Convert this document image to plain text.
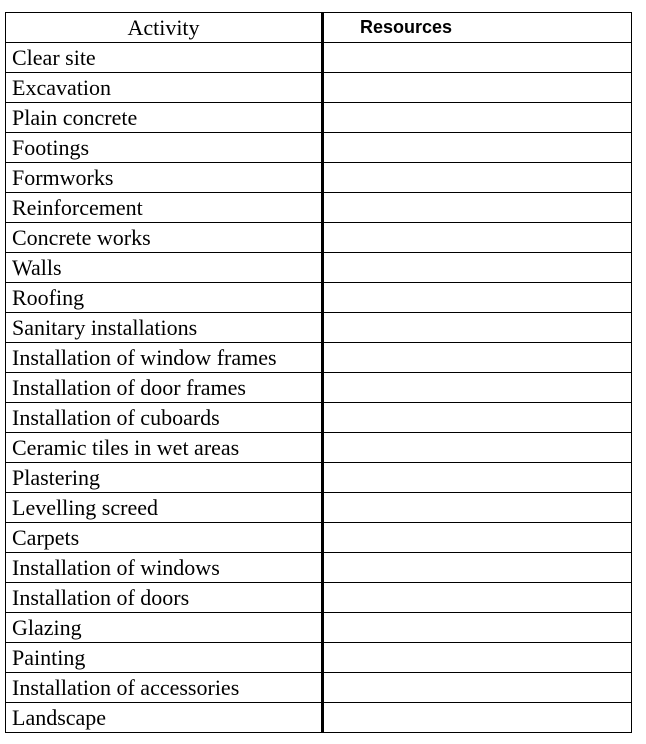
Activity	Resources
Clear site	
Excavation	
Plain concrete	
Footings	
Formworks	
Reinforcement	
Concrete works	
Walls	
Roofing	
Sanitary installations	
Installation of window frames	
Installation of door frames	
Installation of cuboards	
Ceramic tiles in wet areas	
Plastering	
Levelling screed	
Carpets	
Installation of windows	
Installation of doors	
Glazing	
Painting	
Installation of accessories	
Landscape	
